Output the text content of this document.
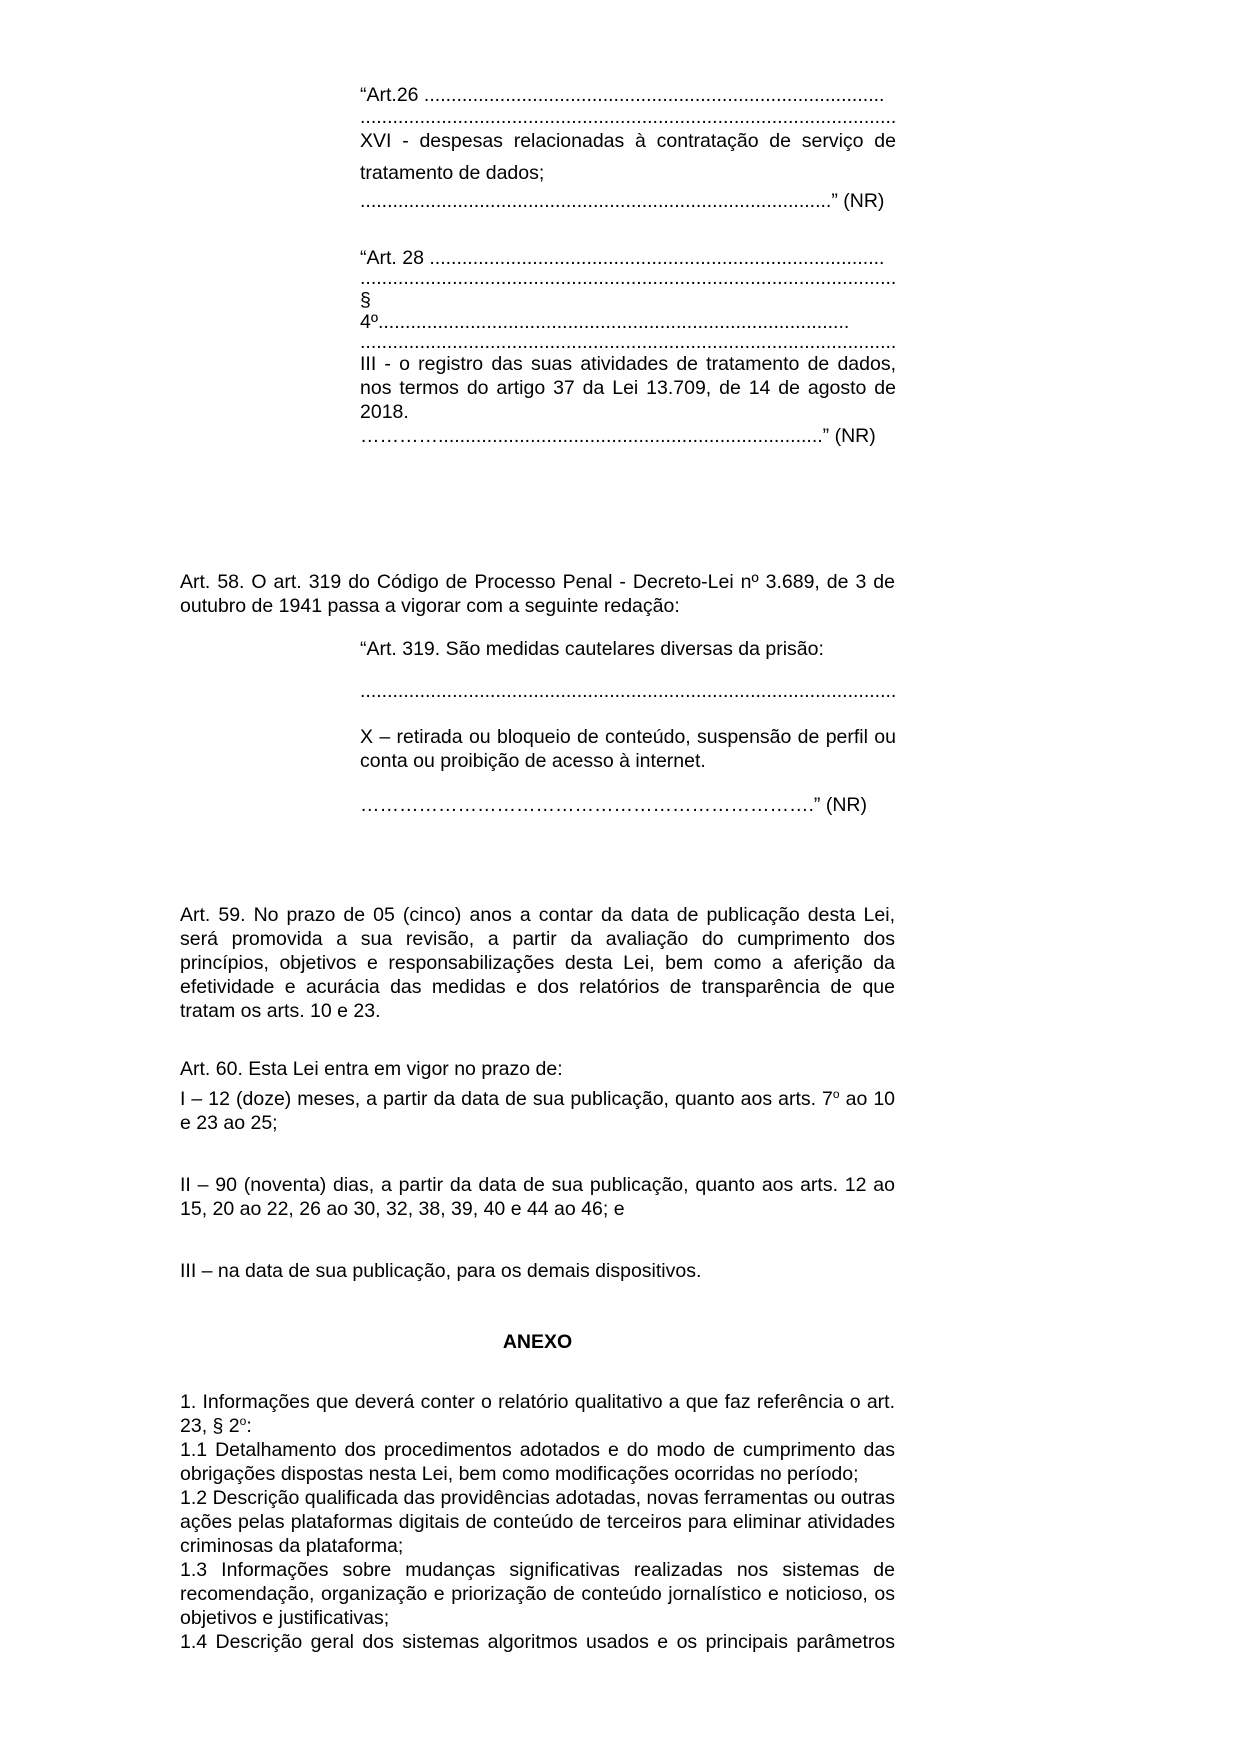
“Art.26 .....................................................................................
...................................................................................................
XVI - despesas relacionadas à contratação de serviço de
tratamento de dados;
.......................................................................................” (NR)
“Art. 28 ....................................................................................
...................................................................................................
§
4º.......................................................................................
...................................................................................................
III - o registro das suas atividades de tratamento de dados, nos termos do artigo 37 da Lei 13.709, de 14 de agosto de 2018.
………….......................................................................” (NR)
Art. 58. O art. 319 do Código de Processo Penal - Decreto-Lei nº 3.689, de 3 de outubro de 1941 passa a vigorar com a seguinte redação:
“Art. 319. São medidas cautelares diversas da prisão:
...................................................................................................
X – retirada ou bloqueio de conteúdo, suspensão de perfil ou conta ou proibição de acesso à internet.
…………………………………………………………….” (NR)
Art. 59. No prazo de 05 (cinco) anos a contar da data de publicação desta Lei, será promovida a sua revisão, a partir da avaliação do cumprimento dos princípios, objetivos e responsabilizações desta Lei, bem como a aferição da efetividade e acurácia das medidas e dos relatórios de transparência de que tratam os arts. 10 e 23.
Art. 60. Esta Lei entra em vigor no prazo de:
I – 12 (doze) meses, a partir da data de sua publicação, quanto aos arts. 7$^o$ ao 10 e 23 ao 25;
II – 90 (noventa) dias, a partir da data de sua publicação, quanto aos arts. 12 ao 15, 20 ao 22, 26 ao 30, 32, 38, 39, 40 e 44 ao 46; e
III – na data de sua publicação, para os demais dispositivos.
ANEXO
1. Informações que deverá conter o relatório qualitativo a que faz referência o art. 23, § 2$^o$:
1.1 Detalhamento dos procedimentos adotados e do modo de cumprimento das obrigações dispostas nesta Lei, bem como modificações ocorridas no período;
1.2 Descrição qualificada das providências adotadas, novas ferramentas ou outras ações pelas plataformas digitais de conteúdo de terceiros para eliminar atividades criminosas da plataforma;
1.3 Informações sobre mudanças significativas realizadas nos sistemas de recomendação, organização e priorização de conteúdo jornalístico e noticioso, os objetivos e justificativas;
1.4 Descrição geral dos sistemas algoritmos usados e os principais parâmetros
